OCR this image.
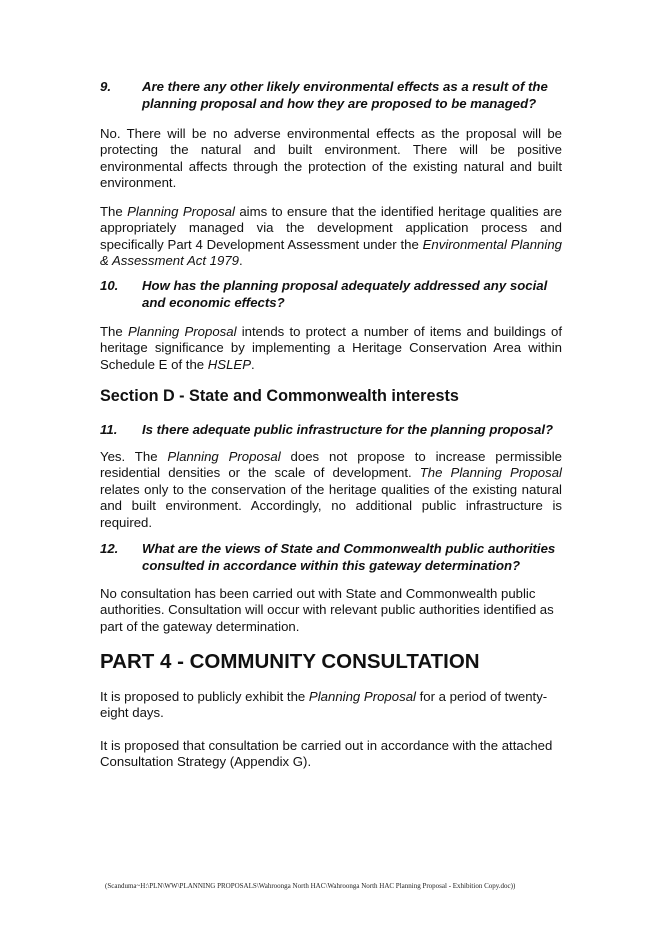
9. Are there any other likely environmental effects as a result of the planning proposal and how they are proposed to be managed?
No. There will be no adverse environmental effects as the proposal will be protecting the natural and built environment. There will be positive environmental affects through the protection of the existing natural and built environment.
The Planning Proposal aims to ensure that the identified heritage qualities are appropriately managed via the development application process and specifically Part 4 Development Assessment under the Environmental Planning & Assessment Act 1979.
10. How has the planning proposal adequately addressed any social and economic effects?
The Planning Proposal intends to protect a number of items and buildings of heritage significance by implementing a Heritage Conservation Area within Schedule E of the HSLEP.
Section D - State and Commonwealth interests
11. Is there adequate public infrastructure for the planning proposal?
Yes. The Planning Proposal does not propose to increase permissible residential densities or the scale of development. The Planning Proposal relates only to the conservation of the heritage qualities of the existing natural and built environment. Accordingly, no additional public infrastructure is required.
12. What are the views of State and Commonwealth public authorities consulted in accordance within this gateway determination?
No consultation has been carried out with State and Commonwealth public authorities. Consultation will occur with relevant public authorities identified as part of the gateway determination.
PART 4 - COMMUNITY CONSULTATION
It is proposed to publicly exhibit the Planning Proposal for a period of twenty-eight days.
It is proposed that consultation be carried out in accordance with the attached Consultation Strategy (Appendix G).
(Scanduma~H:\PLN\WW\PLANNING PROPOSALS\Wahroonga North HAC\Wahroonga North HAC Planning Proposal - Exhibition Copy.doc))
